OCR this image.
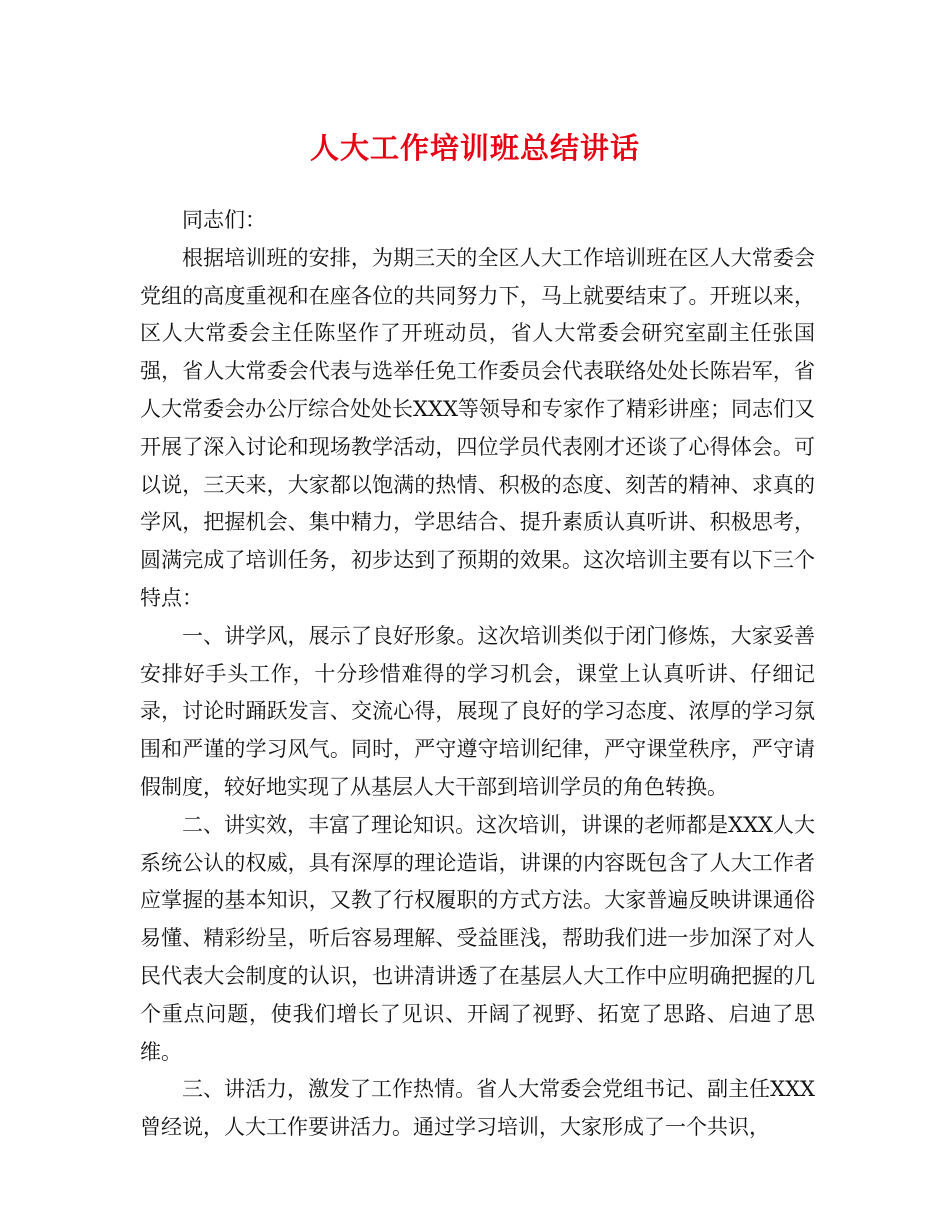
人大工作培训班总结讲话

同志们：

根据培训班的安排，为期三天的全区人大工作培训班在区人大常委会党组的高度重视和在座各位的共同努力下，马上就要结束了。开班以来，区人大常委会主任陈坚作了开班动员，省人大常委会研究室副主任张国强，省人大常委会代表与选举任免工作委员会代表联络处处长陈岩军，省人大常委会办公厅综合处处长XXX等领导和专家作了精彩讲座；同志们又开展了深入讨论和现场教学活动，四位学员代表刚才还谈了心得体会。可以说，三天来，大家都以饱满的热情、积极的态度、刻苦的精神、求真的学风，把握机会、集中精力，学思结合、提升素质认真听讲、积极思考，圆满完成了培训任务，初步达到了预期的效果。这次培训主要有以下三个特点：

一、讲学风，展示了良好形象。这次培训类似于闭门修炼，大家妥善安排好手头工作，十分珍惜难得的学习机会，课堂上认真听讲、仔细记录，讨论时踊跃发言、交流心得，展现了良好的学习态度、浓厚的学习氛围和严谨的学习风气。同时，严守遵守培训纪律，严守课堂秩序，严守请假制度，较好地实现了从基层人大干部到培训学员的角色转换。

二、讲实效，丰富了理论知识。这次培训，讲课的老师都是XXX人大系统公认的权威，具有深厚的理论造诣，讲课的内容既包含了人大工作者应掌握的基本知识，又教了行权履职的方式方法。大家普遍反映讲课通俗易懂、精彩纷呈，听后容易理解、受益匪浅，帮助我们进一步加深了对人民代表大会制度的认识，也讲清讲透了在基层人大工作中应明确把握的几个重点问题，使我们增长了见识、开阔了视野、拓宽了思路、启迪了思维。

三、讲活力，激发了工作热情。省人大常委会党组书记、副主任XXX曾经说，人大工作要讲活力。通过学习培训，大家形成了一个共识，
